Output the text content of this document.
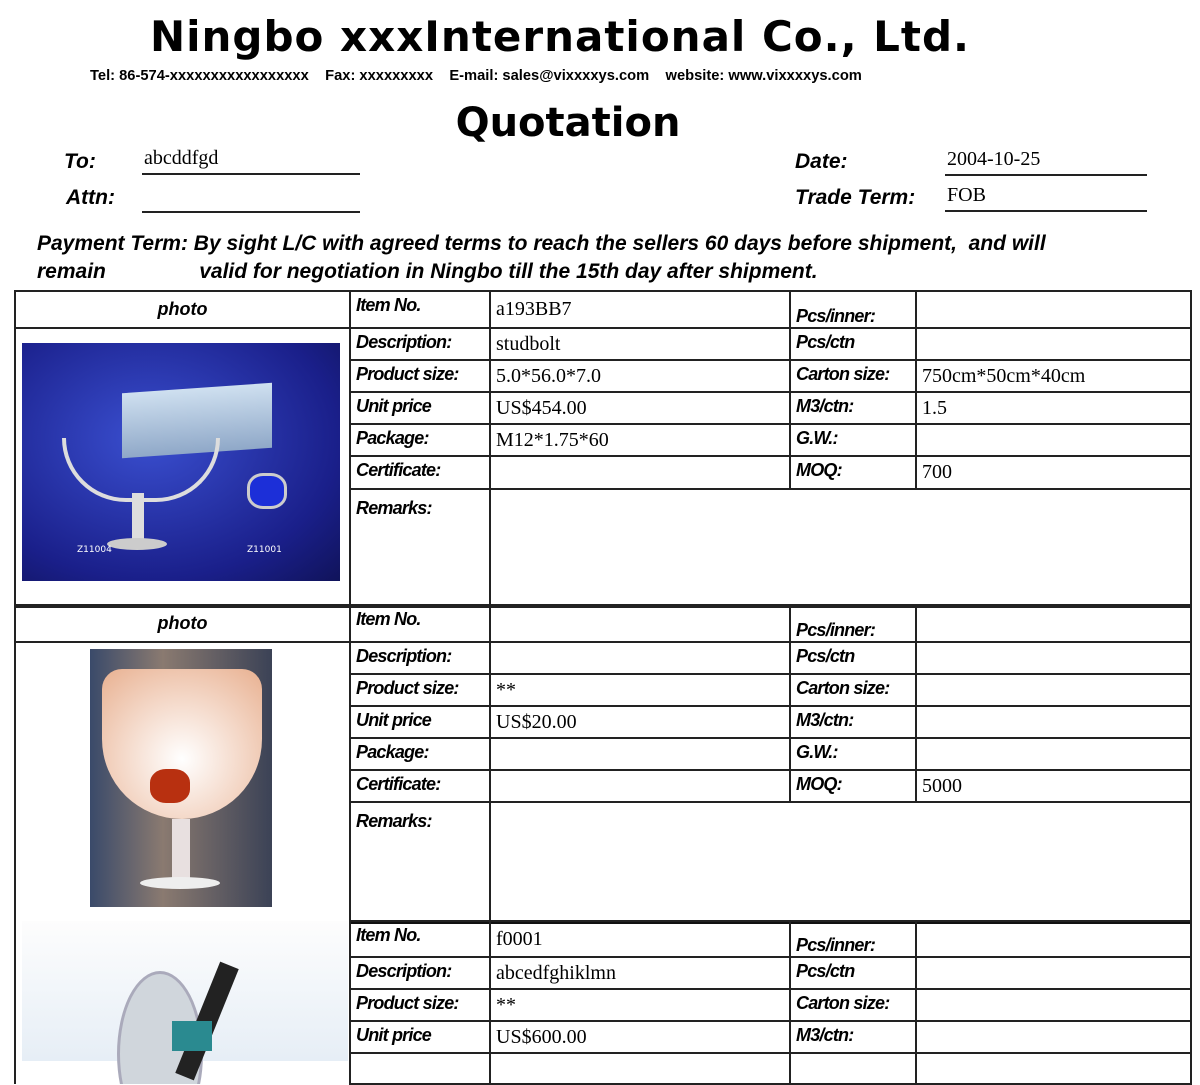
Ningbo xxxInternational Co., Ltd.
Tel: 86-574-xxxxxxxxxxxxxxxxx    Fax: xxxxxxxxx    E-mail: sales@vixxxxys.com    website: www.vixxxxys.com
Quotation
To: abcddfgd
Attn:
Date:	2004-10-25
Trade Term: FOB
Payment Term: By sight L/C with agreed terms to reach the sellers 60 days before shipment,  and will
remain                valid for negotiation in Ningbo till the 15th day after shipment.
photo	Item No.	a193BB7	Pcs/inner:	

Z11004 Z11001	Description:	studbolt	Pcs/ctn	
	Product size:	5.0*56.0*7.0	Carton size:	750cm*50cm*40cm
	Unit price	US$454.00	M3/ctn:	1.5
	Package:	M12*1.75*60	G.W.:	
	Certificate:		MOQ:	700
	Remarks:			
photo	Item No.		Pcs/inner:	

	Description:		Pcs/ctn	
	Product size:	**	Carton size:	
	Unit price	US$20.00	M3/ctn:	
	Package:		G.W.:	
	Certificate:		MOQ:	5000
	Remarks:			
	Item No.	f0001	Pcs/inner:	
	Description:	abcedfghiklmn	Pcs/ctn	
	Product size:	**	Carton size:	
	Unit price	US$600.00	M3/ctn:	
